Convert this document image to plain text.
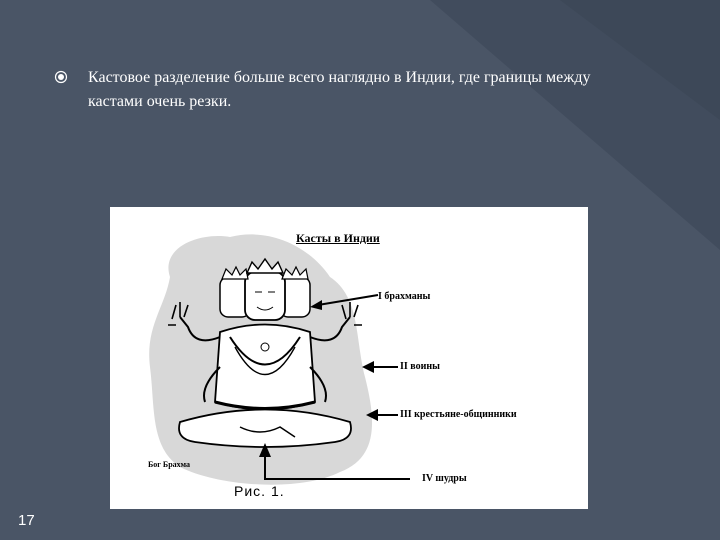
Кастовое разделение больше всего наглядно в Индии, где границы между кастами очень резки.
Касты в Индии
I брахманы
II воины
III крестьяне-общинники
IV шудры
Бог Брахма
Рис. 1.
17
